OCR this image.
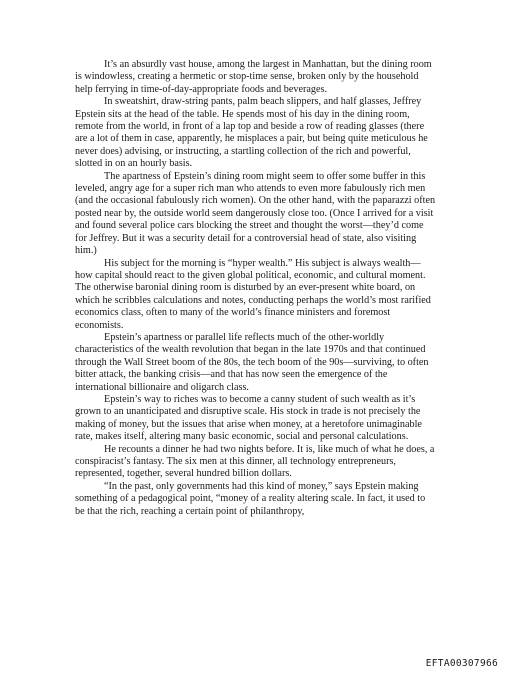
It’s an absurdly vast house, among the largest in Manhattan, but the dining room is windowless, creating a hermetic or stop-time sense, broken only by the household help ferrying in time-of-day-appropriate foods and beverages.

In sweatshirt, draw-string pants, palm beach slippers, and half glasses, Jeffrey Epstein sits at the head of the table. He spends most of his day in the dining room, remote from the world, in front of a lap top and beside a row of reading glasses (there are a lot of them in case, apparently, he misplaces a pair, but being quite meticulous he never does) advising, or instructing, a startling collection of the rich and powerful, slotted in on an hourly basis.

The apartness of Epstein’s dining room might seem to offer some buffer in this leveled, angry age for a super rich man who attends to even more fabulously rich men (and the occasional fabulously rich women). On the other hand, with the paparazzi often posted near by, the outside world seem dangerously close too. (Once I arrived for a visit and found several police cars blocking the street and thought the worst—they’d come for Jeffrey. But it was a security detail for a controversial head of state, also visiting him.)

His subject for the morning is “hyper wealth.” His subject is always wealth—how capital should react to the given global political, economic, and cultural moment. The otherwise baronial dining room is disturbed by an ever-present white board, on which he scribbles calculations and notes, conducting perhaps the world’s most rarified economics class, often to many of the world’s finance ministers and foremost economists.

Epstein’s apartness or parallel life reflects much of the other-worldly characteristics of the wealth revolution that began in the late 1970s and that continued through the Wall Street boom of the 80s, the tech boom of the 90s—surviving, to often bitter attack, the banking crisis—and that has now seen the emergence of the international billionaire and oligarch class.

Epstein’s way to riches was to become a canny student of such wealth as it’s grown to an unanticipated and disruptive scale. His stock in trade is not precisely the making of money, but the issues that arise when money, at a heretofore unimaginable rate, makes itself, altering many basic economic, social and personal calculations.

He recounts a dinner he had two nights before. It is, like much of what he does, a conspiracist’s fantasy. The six men at this dinner, all technology entrepreneurs, represented, together, several hundred billion dollars.

“In the past, only governments had this kind of money,” says Epstein making something of a pedagogical point, “money of a reality altering scale. In fact, it used to be that the rich, reaching a certain point of philanthropy,

EFTA00307966
